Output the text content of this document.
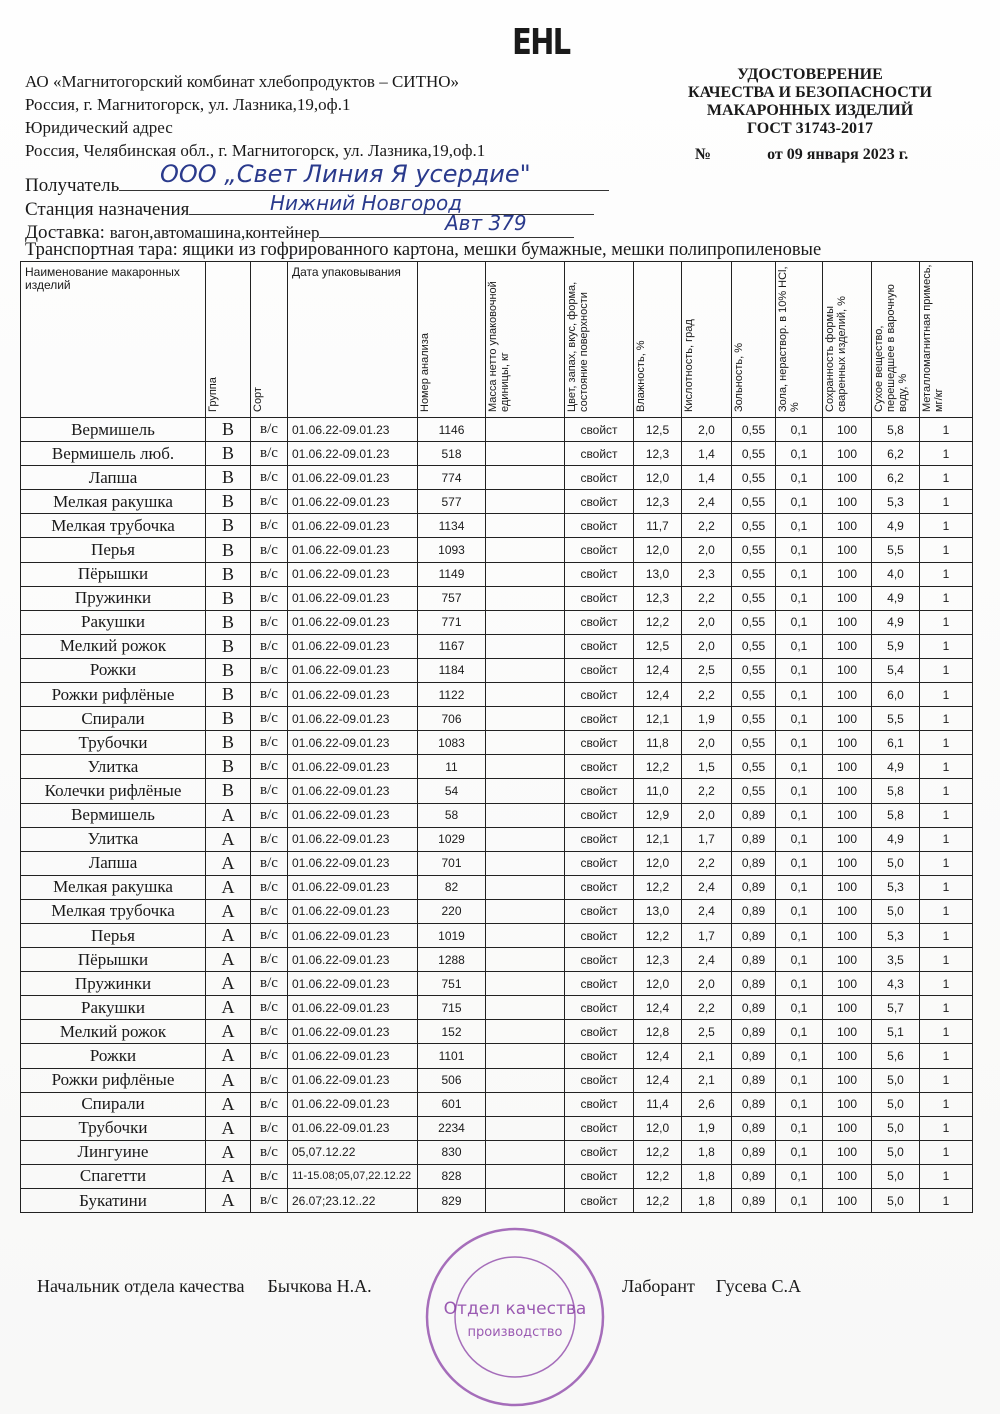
EHL
АО «Магнитогорский комбинат хлебопродуктов – СИТНО»
Россия, г. Магнитогорск, ул. Лазника,19,оф.1
Юридический адрес
Россия, Челябинская обл., г. Магнитогорск, ул. Лазника,19,оф.1
УДОСТОВЕРЕНИЕ
КАЧЕСТВА И БЕЗОПАСНОСТИ
МАКАРОННЫХ ИЗДЕЛИЙ
ГОСТ 31743-2017
№	от 09 января 2023 г.
Получатель	ООО „Свет Линия Я усердие"
Станция назначения	Нижний Новгород
Доставка: вагон,автомашина,контейнер	Авт 379
Транспортная тара: ящики из гофрированного картона, мешки бумажные, мешки полипропиленовые
Наименование макаронных изделий	Группа	Сорт	Дата упаковывания	Номер анализа	Масса нетто упаковочной единицы, кг	Цвет, запах, вкус, форма, состояние поверхности	Влажность, %	Кислотность, град	Зольность, %	Зола, нераствор. в 10% HCl, %	Сохранность формы сваренных изделий, %	Сухое вещество, перешедшее в варочную воду, %	Металломагнитная примесь, мг/кг
Вермишель	В	в/с	01.06.22-09.01.23	1146		свойст	12,5	2,0	0,55	0,1	100	5,8	1
Вермишель люб.	В	в/с	01.06.22-09.01.23	518		свойст	12,3	1,4	0,55	0,1	100	6,2	1
Лапша	В	в/с	01.06.22-09.01.23	774		свойст	12,0	1,4	0,55	0,1	100	6,2	1
Мелкая ракушка	В	в/с	01.06.22-09.01.23	577		свойст	12,3	2,4	0,55	0,1	100	5,3	1
Мелкая трубочка	В	в/с	01.06.22-09.01.23	1134		свойст	11,7	2,2	0,55	0,1	100	4,9	1
Перья	В	в/с	01.06.22-09.01.23	1093		свойст	12,0	2,0	0,55	0,1	100	5,5	1
Пёрышки	В	в/с	01.06.22-09.01.23	1149		свойст	13,0	2,3	0,55	0,1	100	4,0	1
Пружинки	В	в/с	01.06.22-09.01.23	757		свойст	12,3	2,2	0,55	0,1	100	4,9	1
Ракушки	В	в/с	01.06.22-09.01.23	771		свойст	12,2	2,0	0,55	0,1	100	4,9	1
Мелкий рожок	В	в/с	01.06.22-09.01.23	1167		свойст	12,5	2,0	0,55	0,1	100	5,9	1
Рожки	В	в/с	01.06.22-09.01.23	1184		свойст	12,4	2,5	0,55	0,1	100	5,4	1
Рожки рифлёные	В	в/с	01.06.22-09.01.23	1122		свойст	12,4	2,2	0,55	0,1	100	6,0	1
Спирали	В	в/с	01.06.22-09.01.23	706		свойст	12,1	1,9	0,55	0,1	100	5,5	1
Трубочки	В	в/с	01.06.22-09.01.23	1083		свойст	11,8	2,0	0,55	0,1	100	6,1	1
Улитка	В	в/с	01.06.22-09.01.23	11		свойст	12,2	1,5	0,55	0,1	100	4,9	1
Колечки рифлёные	В	в/с	01.06.22-09.01.23	54		свойст	11,0	2,2	0,55	0,1	100	5,8	1
Вермишель	А	в/с	01.06.22-09.01.23	58		свойст	12,9	2,0	0,89	0,1	100	5,8	1
Улитка	А	в/с	01.06.22-09.01.23	1029		свойст	12,1	1,7	0,89	0,1	100	4,9	1
Лапша	А	в/с	01.06.22-09.01.23	701		свойст	12,0	2,2	0,89	0,1	100	5,0	1
Мелкая ракушка	А	в/с	01.06.22-09.01.23	82		свойст	12,2	2,4	0,89	0,1	100	5,3	1
Мелкая трубочка	А	в/с	01.06.22-09.01.23	220		свойст	13,0	2,4	0,89	0,1	100	5,0	1
Перья	А	в/с	01.06.22-09.01.23	1019		свойст	12,2	1,7	0,89	0,1	100	5,3	1
Пёрышки	А	в/с	01.06.22-09.01.23	1288		свойст	12,3	2,4	0,89	0,1	100	3,5	1
Пружинки	А	в/с	01.06.22-09.01.23	751		свойст	12,0	2,0	0,89	0,1	100	4,3	1
Ракушки	А	в/с	01.06.22-09.01.23	715		свойст	12,4	2,2	0,89	0,1	100	5,7	1
Мелкий рожок	А	в/с	01.06.22-09.01.23	152		свойст	12,8	2,5	0,89	0,1	100	5,1	1
Рожки	А	в/с	01.06.22-09.01.23	1101		свойст	12,4	2,1	0,89	0,1	100	5,6	1
Рожки рифлёные	А	в/с	01.06.22-09.01.23	506		свойст	12,4	2,1	0,89	0,1	100	5,0	1
Спирали	А	в/с	01.06.22-09.01.23	601		свойст	11,4	2,6	0,89	0,1	100	5,0	1
Трубочки	А	в/с	01.06.22-09.01.23	2234		свойст	12,0	1,9	0,89	0,1	100	5,0	1
Лингуине	А	в/с	05,07.12.22	830		свойст	12,2	1,8	0,89	0,1	100	5,0	1
Спагетти	А	в/с	11-15.08;05,07,22.12.22	828		свойст	12,2	1,8	0,89	0,1	100	5,0	1
Букатини	А	в/с	26.07;23.12..22	829		свойст	12,2	1,8	0,89	0,1	100	5,0	1
Начальник отдела качества Бычкова Н.А.	Лаборант Гусева С.А
Отдел качества
производство
